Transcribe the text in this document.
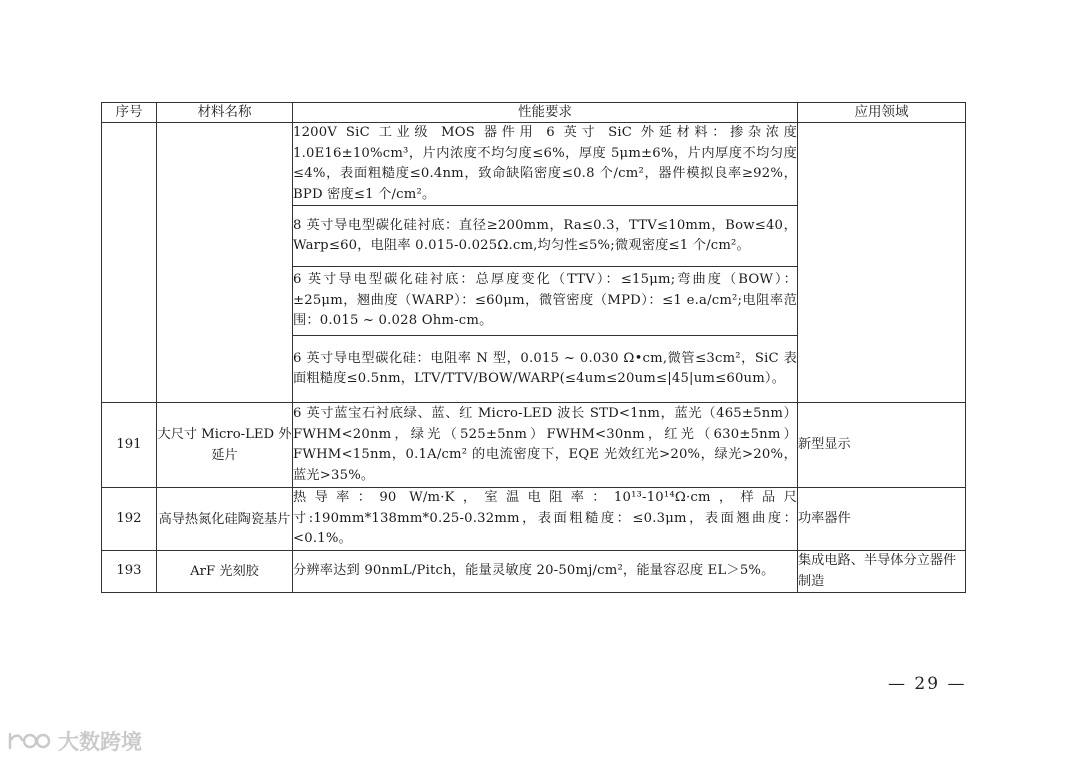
序号	材料名称	性能要求	应用领域

		1200V SiC 工业级 MOS 器件用 6 英寸 SiC 外延材料：掺杂浓度 1.0E16±10%cm³，片内浓度不均匀度≤6%，厚度 5μm±6%，片内厚度不均匀度≤4%，表面粗糙度≤0.4nm，致命缺陷密度≤0.8 个/cm²，器件模拟良率≥92%，BPD 密度≤1 个/cm²。	

		8 英寸导电型碳化硅衬底：直径≥200mm，Ra≤0.3，TTV≤10mm，Bow≤40，Warp≤60，电阻率 0.015-0.025Ω.cm,均匀性≤5%;微观密度≤1 个/cm²。	

		6 英寸导电型碳化硅衬底：总厚度变化（TTV）：≤15μm;弯曲度（BOW）：±25μm，翘曲度（WARP）：≤60μm，微管密度（MPD）：≤1 e.a/cm²;电阻率范围：0.015 ~ 0.028 Ohm-cm。	

		6 英寸导电型碳化硅：电阻率 N 型，0.015 ~ 0.030 Ω•cm,微管≤3cm²，SiC 表面粗糙度≤0.5nm，LTV/TTV/BOW/WARP(≤4um≤20um≤|45|um≤60um）。	

191	大尺寸 Micro-LED 外延片	6 英寸蓝宝石衬底绿、蓝、红 Micro-LED 波长 STD<1nm，蓝光（465±5nm）FWHM<20nm，绿光（525±5nm）FWHM<30nm，红光（630±5nm）FWHM<15nm，0.1A/cm² 的电流密度下，EQE 光效红光>20%，绿光>20%，蓝光>35%。	新型显示
192	高导热氮化硅陶瓷基片	热导率：90 W/m·K，室温电阻率：10¹³-10¹⁴Ω·cm，样品尺寸:190mm*138mm*0.25-0.32mm，表面粗糙度：≤0.3μm，表面翘曲度：<0.1%。	功率器件
193	ArF 光刻胶	分辨率达到 90nmL/Pitch，能量灵敏度 20-50mj/cm²，能量容忍度 EL＞5%。	集成电路、半导体分立器件制造
— 29 —
大数跨境
